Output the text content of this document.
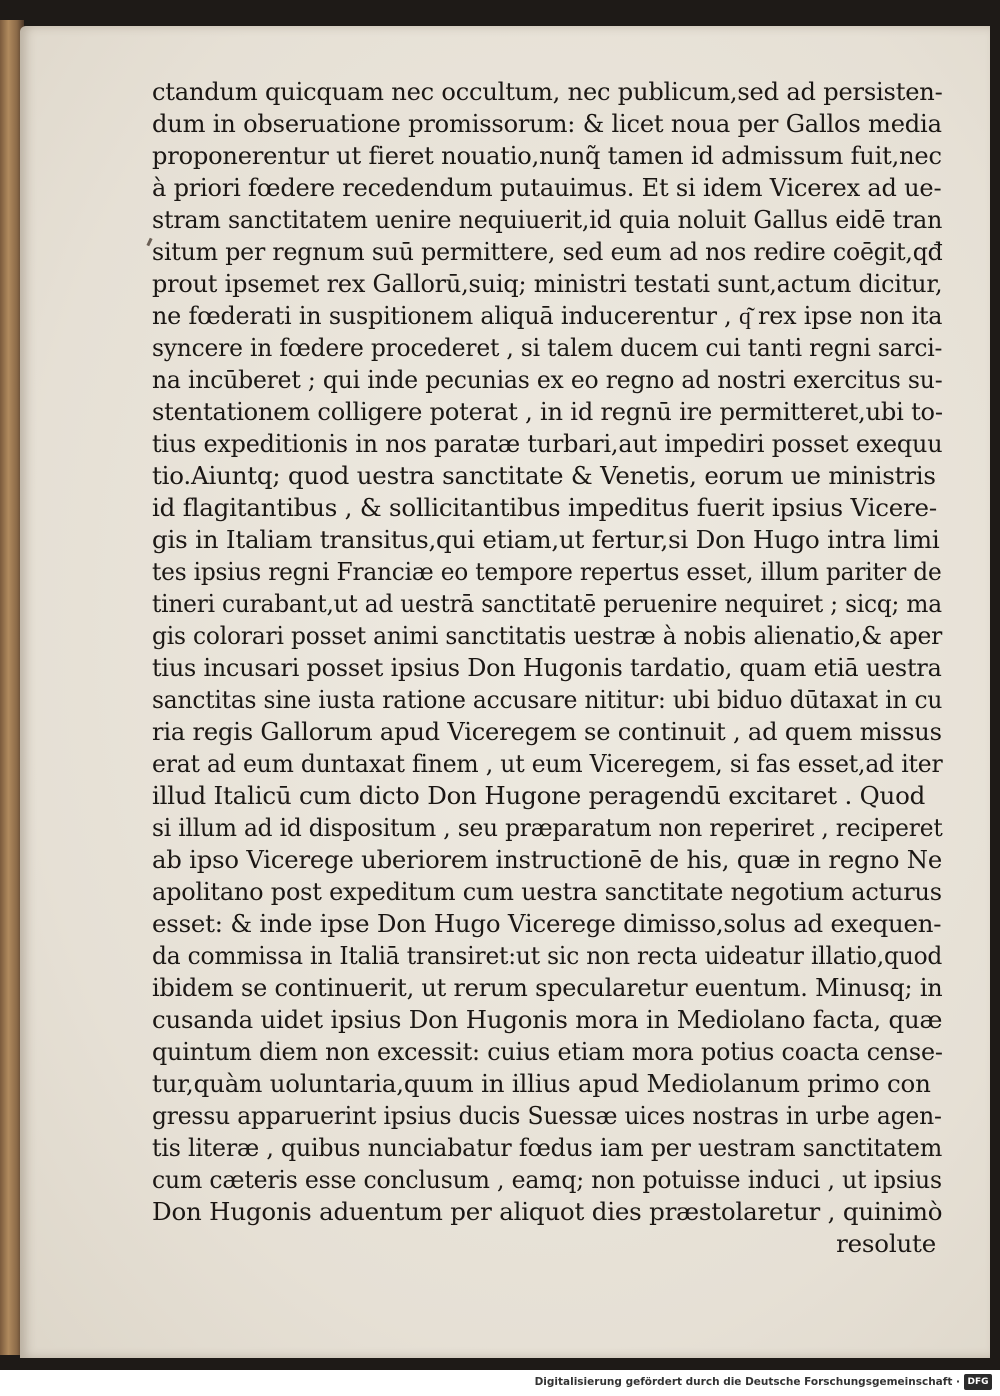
ctandum quicquam nec occultum, nec publicum,sed ad persisten-
dum in obseruatione promissorum: & licet noua per Gallos media
proponerentur ut fieret nouatio,nunq̃ tamen id admissum fuit,nec
à priori fœdere recedendum putauimus. Et si idem Vicerex ad ue-
stram sanctitatem uenire nequiuerit,id quia noluit Gallus eidē tran
situm per regnum suū permittere, sed eum ad nos redire coēgit,qđ
prout ipsemet rex Gallorū,suiq; ministri testati sunt,actum dicitur,
ne fœderati in suspitionem aliquā inducerentur , q͂ rex ipse non ita
syncere in fœdere procederet , si talem ducem cui tanti regni sarci-
na incūberet ; qui inde pecunias ex eo regno ad nostri exercitus su-
stentationem colligere poterat , in id regnū ire permitteret,ubi to-
tius expeditionis in nos paratæ turbari,aut impediri posset exequu
tio.Aiuntq; quod uestra sanctitate & Venetis, eorum ue ministris
id flagitantibus , & sollicitantibus impeditus fuerit ipsius Vicere-
gis in Italiam transitus,qui etiam,ut fertur,si Don Hugo intra limi
tes ipsius regni Franciæ eo tempore repertus esset, illum pariter de
tineri curabant,ut ad uestrā sanctitatē peruenire nequiret ; sicq; ma
gis colorari posset animi sanctitatis uestræ à nobis alienatio,& aper
tius incusari posset ipsius Don Hugonis tardatio, quam etiā uestra
sanctitas sine iusta ratione accusare nititur: ubi biduo dūtaxat in cu
ria regis Gallorum apud Viceregem se continuit , ad quem missus
erat ad eum duntaxat finem , ut eum Viceregem, si fas esset,ad iter
illud Italicū cum dicto Don Hugone peragendū excitaret . Quod
si illum ad id dispositum , seu præparatum non reperiret , reciperet
ab ipso Vicerege uberiorem instructionē de his, quæ in regno Ne
apolitano post expeditum cum uestra sanctitate negotium acturus
esset: & inde ipse Don Hugo Vicerege dimisso,solus ad exequen-
da commissa in Italiā transiret:ut sic non recta uideatur illatio,quod
ibidem se continuerit, ut rerum specularetur euentum. Minusq; in
cusanda uidet ipsius Don Hugonis mora in Mediolano facta, quæ
quintum diem non excessit: cuius etiam mora potius coacta cense-
tur,quàm uoluntaria,quum in illius apud Mediolanum primo con
gressu apparuerint ipsius ducis Suessæ uices nostras in urbe agen-
tis literæ , quibus nunciabatur fœdus iam per uestram sanctitatem
cum cæteris esse conclusum , eamq; non potuisse induci , ut ipsius
Don Hugonis aduentum per aliquot dies præstolaretur , quinimò
resolute
Digitalisierung gefördert durch die Deutsche Forschungsgemeinschaft · DFG
